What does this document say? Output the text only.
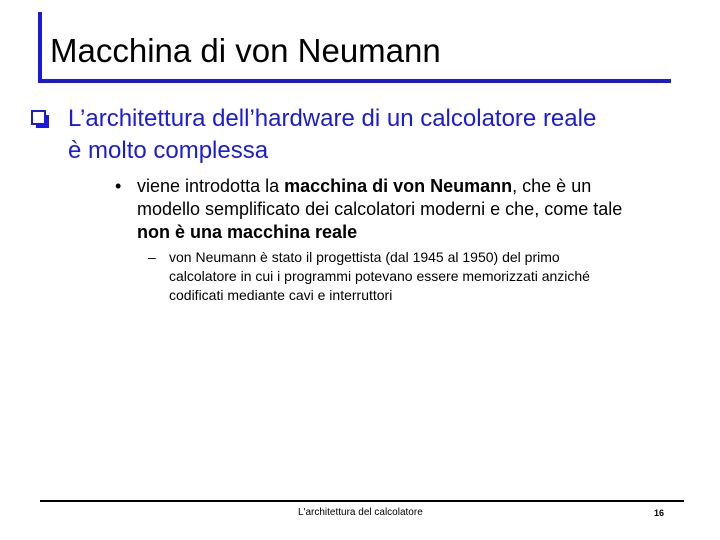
Macchina di von Neumann
L’architettura dell’hardware di un calcolatore reale
è molto complessa
• viene introdotta la macchina di von Neumann, che è un
modello semplificato dei calcolatori moderni e che, come tale
non è una macchina reale
– von Neumann è stato il progettista (dal 1945 al 1950) del primo
calcolatore in cui i programmi potevano essere memorizzati anziché
codificati mediante cavi e interruttori
L'architettura del calcolatore	16
